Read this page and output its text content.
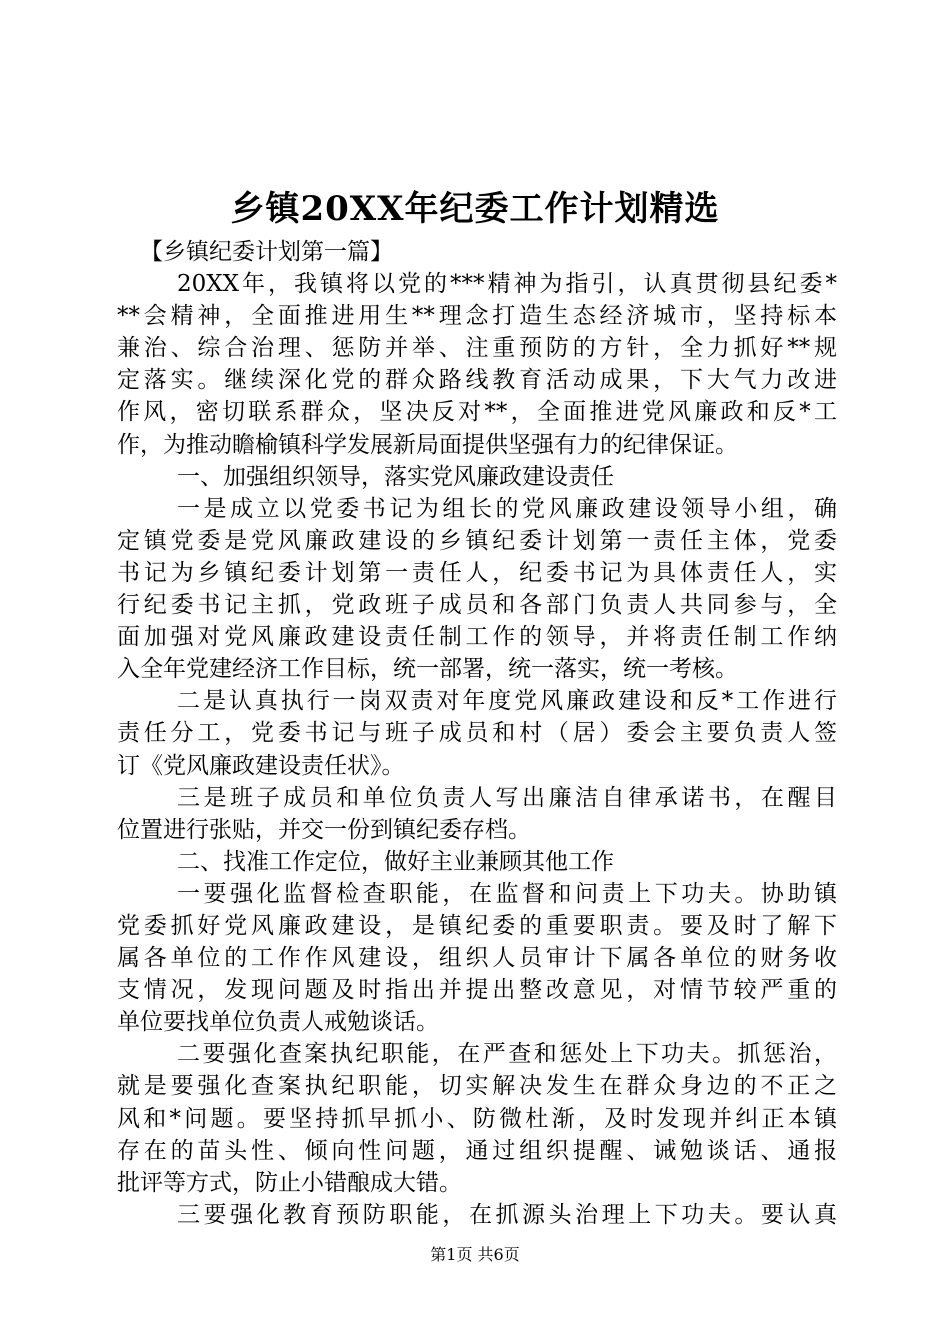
乡镇20XX年纪委工作计划精选
【乡镇纪委计划第一篇】
20XX年，我镇将以党的***精神为指引，认真贯彻县纪委*
**会精神，全面推进用生**理念打造生态经济城市，坚持标本
兼治、综合治理、惩防并举、注重预防的方针，全力抓好**规
定落实。继续深化党的群众路线教育活动成果，下大气力改进
作风，密切联系群众，坚决反对**，全面推进党风廉政和反*工
作，为推动瞻榆镇科学发展新局面提供坚强有力的纪律保证。
一、加强组织领导，落实党风廉政建设责任
一是成立以党委书记为组长的党风廉政建设领导小组，确
定镇党委是党风廉政建设的乡镇纪委计划第一责任主体，党委
书记为乡镇纪委计划第一责任人，纪委书记为具体责任人，实
行纪委书记主抓，党政班子成员和各部门负责人共同参与，全
面加强对党风廉政建设责任制工作的领导，并将责任制工作纳
入全年党建经济工作目标，统一部署，统一落实，统一考核。
二是认真执行一岗双责对年度党风廉政建设和反*工作进行
责任分工，党委书记与班子成员和村（居）委会主要负责人签
订《党风廉政建设责任状》。
三是班子成员和单位负责人写出廉洁自律承诺书，在醒目
位置进行张贴，并交一份到镇纪委存档。
二、找准工作定位，做好主业兼顾其他工作
一要强化监督检查职能，在监督和问责上下功夫。协助镇
党委抓好党风廉政建设，是镇纪委的重要职责。要及时了解下
属各单位的工作作风建设，组织人员审计下属各单位的财务收
支情况，发现问题及时指出并提出整改意见，对情节较严重的
单位要找单位负责人戒勉谈话。
二要强化查案执纪职能，在严查和惩处上下功夫。抓惩治，
就是要强化查案执纪职能，切实解决发生在群众身边的不正之
风和*问题。要坚持抓早抓小、防微杜渐，及时发现并纠正本镇
存在的苗头性、倾向性问题，通过组织提醒、诫勉谈话、通报
批评等方式，防止小错酿成大错。
三要强化教育预防职能，在抓源头治理上下功夫。要认真
第1页 共6页
